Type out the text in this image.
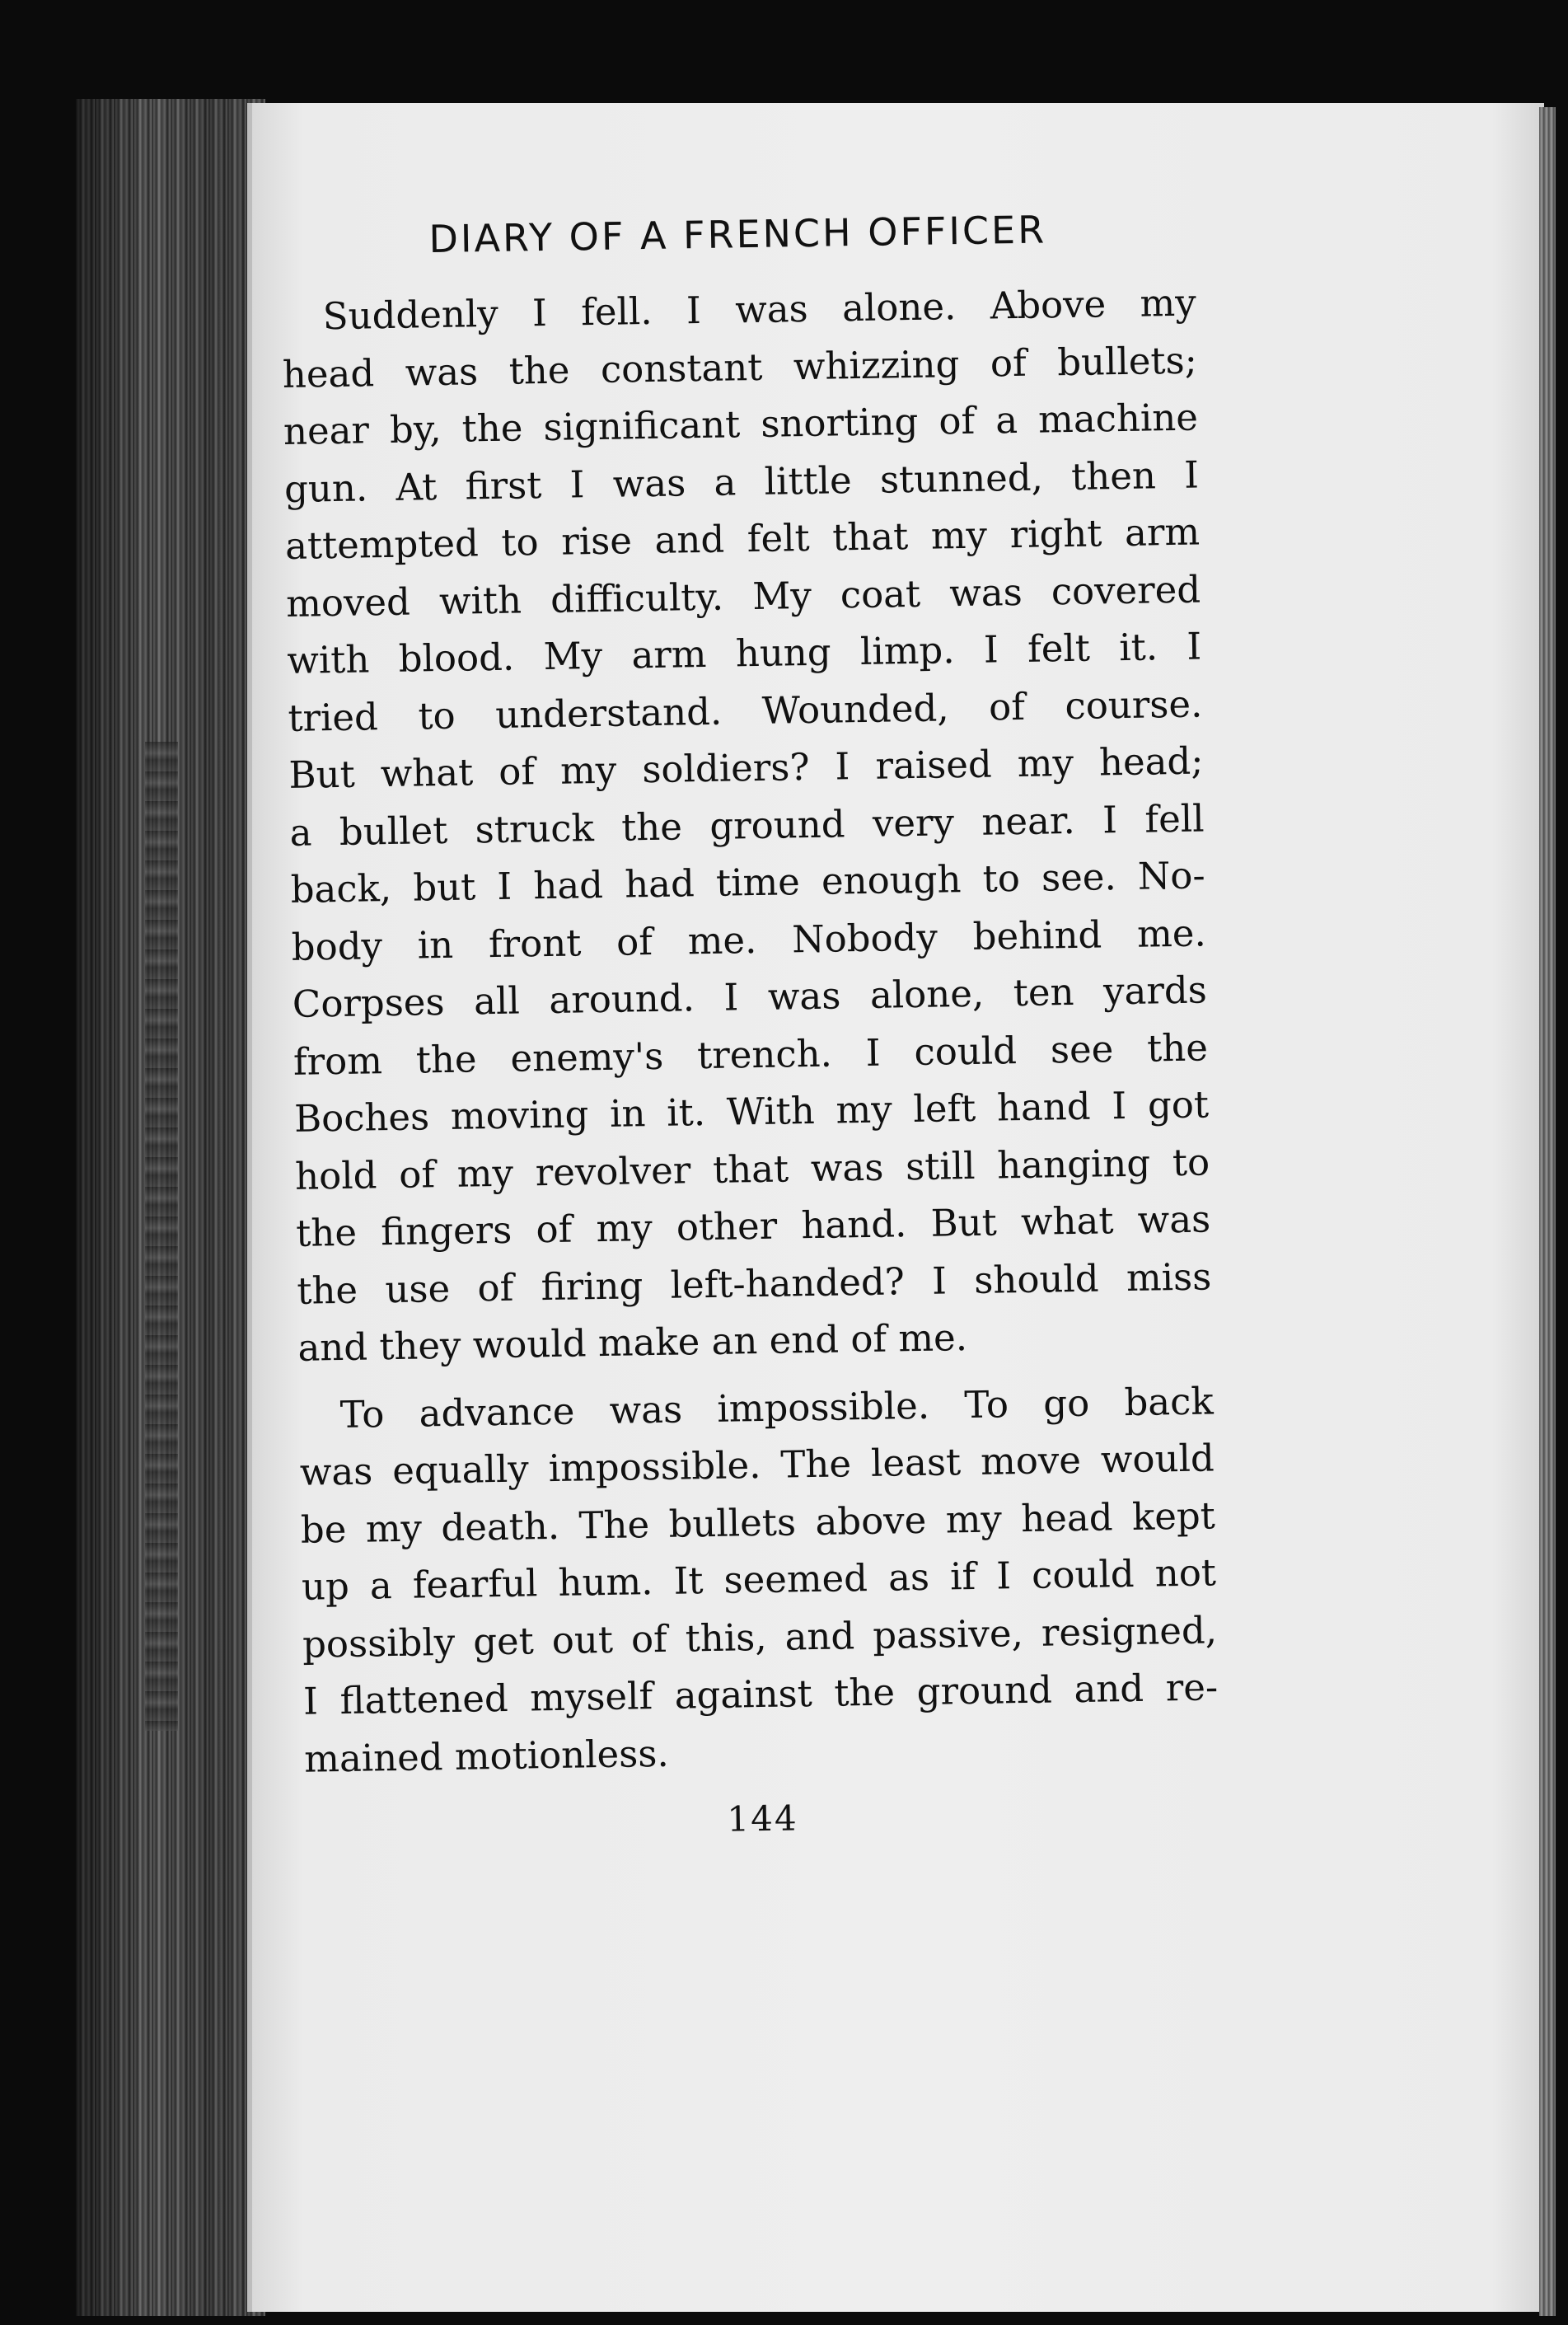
DIARY OF A FRENCH OFFICER
Suddenly I fell. I was alone. Above my
head was the constant whizzing of bullets;
near by, the significant snorting of a machine
gun. At first I was a little stunned, then I
attempted to rise and felt that my right arm
moved with difficulty. My coat was covered
with blood. My arm hung limp. I felt it. I
tried to understand. Wounded, of course.
But what of my soldiers? I raised my head;
a bullet struck the ground very near. I fell
back, but I had had time enough to see. No-
body in front of me. Nobody behind me.
Corpses all around. I was alone, ten yards
from the enemy's trench. I could see the
Boches moving in it. With my left hand I got
hold of my revolver that was still hanging to
the fingers of my other hand. But what was
the use of firing left-handed? I should miss
and they would make an end of me.
To advance was impossible. To go back
was equally impossible. The least move would
be my death. The bullets above my head kept
up a fearful hum. It seemed as if I could not
possibly get out of this, and passive, resigned,
I flattened myself against the ground and re-
mained motionless.
144
